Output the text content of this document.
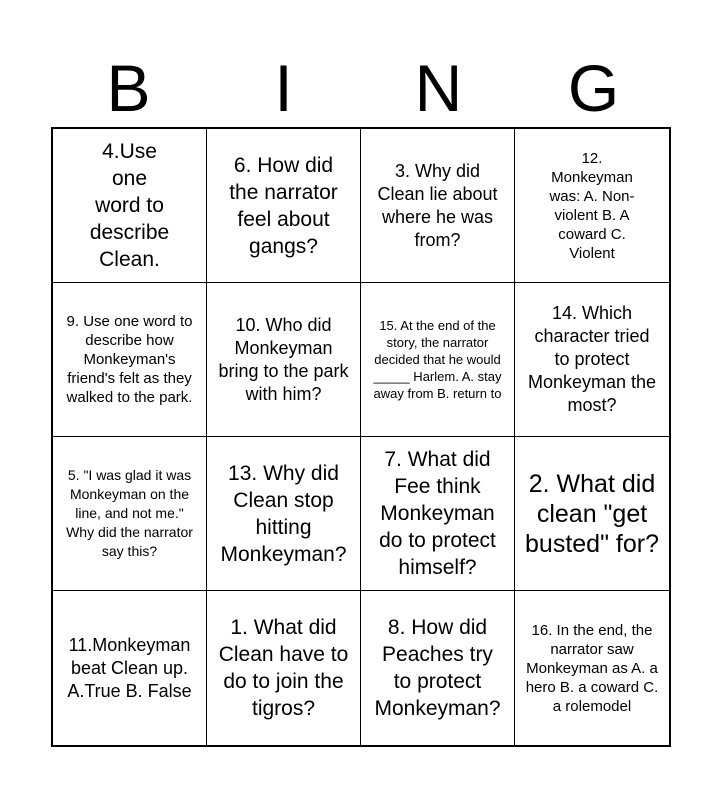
B	I	N	G
4.Use one word to describe Clean.
6. How did the narrator feel about gangs?
3. Why did Clean lie about where he was from?
12. Monkeyman was: A. Non-violent B. A coward C. Violent
9. Use one word to describe how Monkeyman's friend's felt as they walked to the park.
10. Who did Monkeyman bring to the park with him?
15. At the end of the story, the narrator decided that he would _____ Harlem. A. stay away from B. return to
14. Which character tried to protect Monkeyman the most?
5. "I was glad it was Monkeyman on the line, and not me." Why did the narrator say this?
13. Why did Clean stop hitting Monkeyman?
7. What did Fee think Monkeyman do to protect himself?
2. What did clean "get busted" for?
11.Monkeyman beat Clean up. A.True B. False
1. What did Clean have to do to join the tigros?
8. How did Peaches try to protect Monkeyman?
16. In the end, the narrator saw Monkeyman as A. a hero B. a coward C. a rolemodel
